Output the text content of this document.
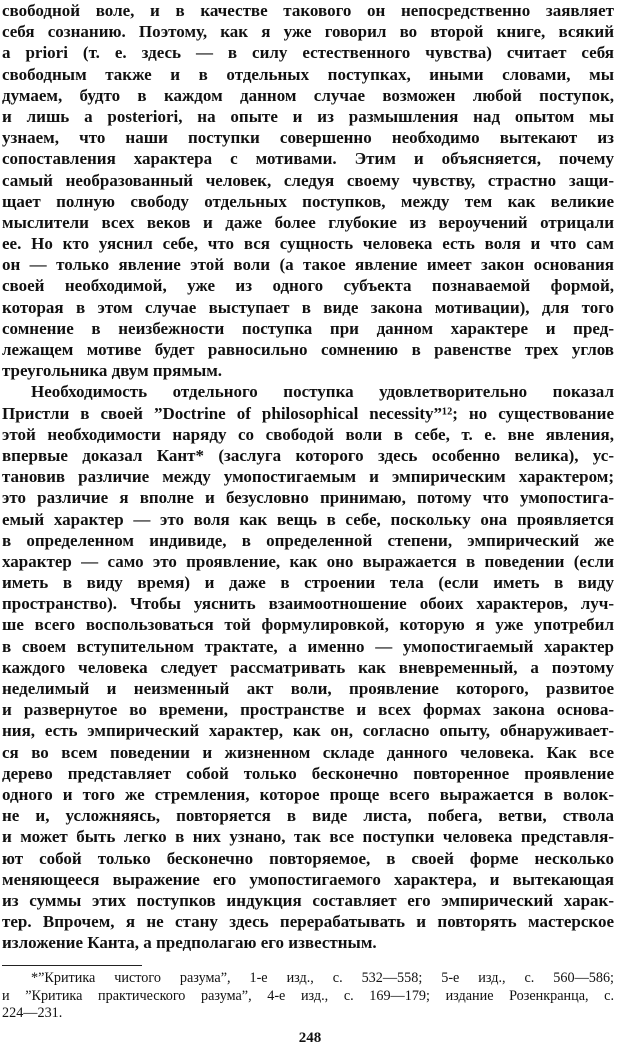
свободной воле, и в качестве такового он непосредственно заявляет
себя сознанию. Поэтому, как я уже говорил во второй книге, всякий
a priori (т. е. здесь — в силу естественного чувства) считает себя
свободным также и в отдельных поступках, иными словами, мы
думаем, будто в каждом данном случае возможен любой поступок,
и лишь a posteriori, на опыте и из размышления над опытом мы
узнаем, что наши поступки совершенно необходимо вытекают из
сопоставления характера с мотивами. Этим и объясняется, почему
самый необразованный человек, следуя своему чувству, страстно защи-
щает полную свободу отдельных поступков, между тем как великие
мыслители всех веков и даже более глубокие из вероучений отрицали
ее. Но кто уяснил себе, что вся сущность человека есть воля и что сам
он — только явление этой воли (а такое явление имеет закон основания
своей необходимой, уже из одного субъекта познаваемой формой,
которая в этом случае выступает в виде закона мотивации), для того
сомнение в неизбежности поступка при данном характере и пред-
лежащем мотиве будет равносильно сомнению в равенстве трех углов
треугольника двум прямым.
Необходимость отдельного поступка удовлетворительно показал
Пристли в своей ”Doctrine of philosophical necessity”¹²; но существование
этой необходимости наряду со свободой воли в себе, т. е. вне явления,
впервые доказал Кант* (заслуга которого здесь особенно велика), ус-
тановив различие между умопостигаемым и эмпирическим характером;
это различие я вполне и безусловно принимаю, потому что умопостига-
емый характер — это воля как вещь в себе, поскольку она проявляется
в определенном индивиде, в определенной степени, эмпирический же
характер — само это проявление, как оно выражается в поведении (если
иметь в виду время) и даже в строении тела (если иметь в виду
пространство). Чтобы уяснить взаимоотношение обоих характеров, луч-
ше всего воспользоваться той формулировкой, которую я уже употребил
в своем вступительном трактате, а именно — умопостигаемый характер
каждого человека следует рассматривать как вневременный, а поэтому
неделимый и неизменный акт воли, проявление которого, развитое
и развернутое во времени, пространстве и всех формах закона основа-
ния, есть эмпирический характер, как он, согласно опыту, обнаруживает-
ся во всем поведении и жизненном складе данного человека. Как все
дерево представляет собой только бесконечно повторенное проявление
одного и того же стремления, которое проще всего выражается в волок-
не и, усложняясь, повторяется в виде листа, побега, ветви, ствола
и может быть легко в них узнано, так все поступки человека представля-
ют собой только бесконечно повторяемое, в своей форме несколько
меняющееся выражение его умопостигаемого характера, и вытекающая
из суммы этих поступков индукция составляет его эмпирический харак-
тер. Впрочем, я не стану здесь перерабатывать и повторять мастерское
изложение Канта, а предполагаю его известным.
*”Критика чистого разума”, 1-е изд., с. 532—558; 5-е изд., с. 560—586;
и ”Критика практического разума”, 4-е изд., с. 169—179; издание Розенкранца, с.
224—231.
248
